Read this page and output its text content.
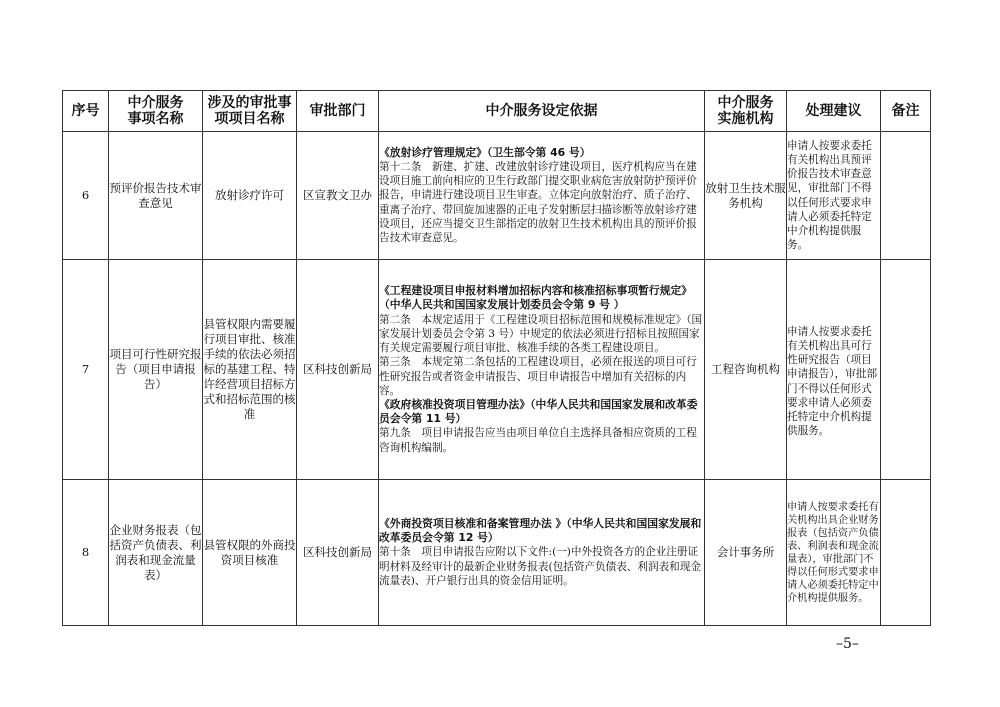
序号	中介服务
事项名称	涉及的审批事
项项目名称	审批部门	中介服务设定依据	中介服务
实施机构	处理建议	备注
6	预评价报告技术审查意见	放射诊疗许可	区宣教文卫办	《放射诊疗管理规定》（卫生部令第 46 号）
第十二条　新建、扩建、改建放射诊疗建设项目，医疗机构应当在建设项目施工前向相应的卫生行政部门提交职业病危害放射防护预评价报告，申请进行建设项目卫生审查。立体定向放射治疗、质子治疗、重离子治疗、带回旋加速器的正电子发射断层扫描诊断等放射诊疗建设项目，还应当提交卫生部指定的放射卫生技术机构出具的预评价报告技术审查意见。	放射卫生技术服务机构	申请人按要求委托有关机构出具预评价报告技术审查意见，审批部门不得以任何形式要求申请人必须委托特定中介机构提供服务。	
7	项目可行性研究报告（项目申请报告）	县管权限内需要履行项目审批、核准手续的依法必须招标的基建工程、特许经营项目招标方式和招标范围的核准	区科技创新局	《工程建设项目申报材料增加招标内容和核准招标事项暂行规定》（中华人民共和国国家发展计划委员会令第 9 号 ）
第二条　本规定适用于《工程建设项目招标范围和规模标准规定》（国家发展计划委员会令第 3 号）中规定的依法必须进行招标且按照国家有关规定需要履行项目审批、核准手续的各类工程建设项目。
第三条　本规定第二条包括的工程建设项目，必须在报送的项目可行性研究报告或者资金申请报告、项目申请报告中增加有关招标的内容。
《政府核准投资项目管理办法》（中华人民共和国国家发展和改革委员会令第 11 号）
第九条　项目申请报告应当由项目单位自主选择具备相应资质的工程咨询机构编制。	工程咨询机构	申请人按要求委托有关机构出具可行性研究报告（项目申请报告），审批部门不得以任何形式要求申请人必须委托特定中介机构提供服务。	
8	企业财务报表（包括资产负债表、利润表和现金流量表）	县管权限的外商投资项目核准	区科技创新局	《外商投资项目核准和备案管理办法 》（中华人民共和国国家发展和改革委员会令第 12 号）
第十条　项目申请报告应附以下文件:(一)中外投资各方的企业注册证明材料及经审计的最新企业财务报表(包括资产负债表、利润表和现金流量表)、开户银行出具的资金信用证明。	会计事务所	申请人按要求委托有关机构出具企业财务报表（包括资产负债表、利润表和现金流量表），审批部门不得以任何形式要求申请人必须委托特定中介机构提供服务。	
–5–
